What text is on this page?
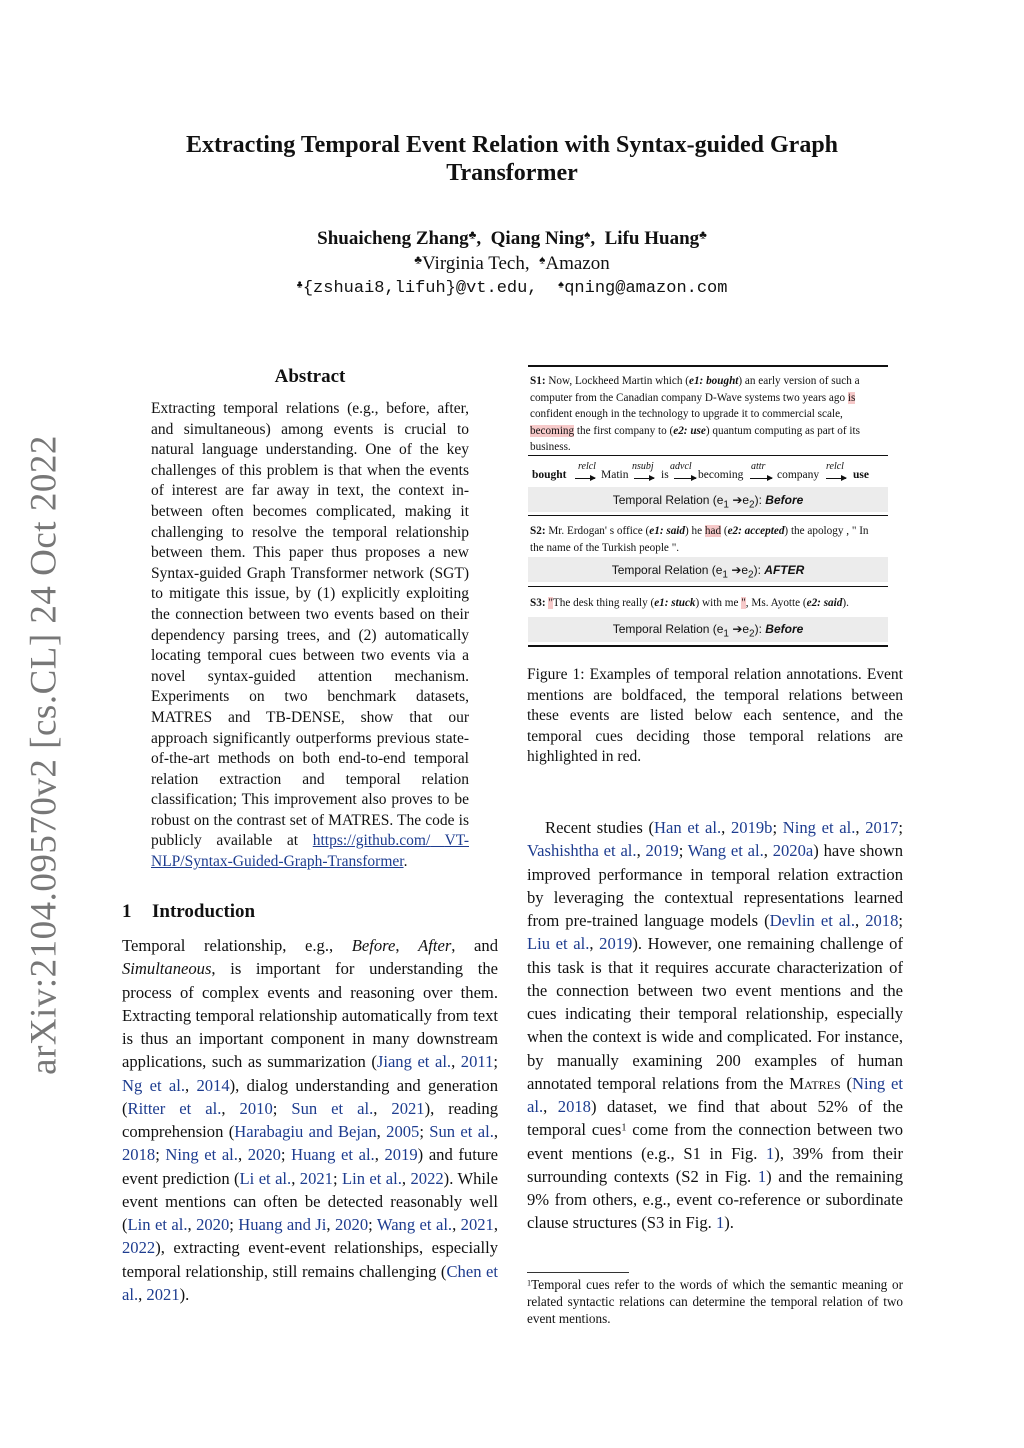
arXiv:2104.09570v2 [cs.CL] 24 Oct 2022
Extracting Temporal Event Relation with Syntax-guided Graph
Transformer
Shuaicheng Zhang♣,  Qiang Ning♠,  Lifu Huang♣
♣Virginia Tech, ♠Amazon
♣{zshuai8,lifuh}@vt.edu, ♠qning@amazon.com
Abstract
Extracting temporal relations (e.g., before, after, and simultaneous) among events is crucial to natural language understanding. One of the key challenges of this problem is that when the events of interest are far away in text, the context in-between often becomes complicated, making it challenging to resolve the temporal relationship between them. This paper thus proposes a new Syntax-guided Graph Transformer network (SGT) to mitigate this issue, by (1) explicitly exploiting the connection between two events based on their dependency parsing trees, and (2) automatically locating temporal cues between two events via a novel syntax-guided attention mechanism. Experiments on two benchmark datasets, MATRES and TB-DENSE, show that our approach significantly outperforms previous state-of-the-art methods on both end-to-end temporal relation extraction and temporal relation classification; This improvement also proves to be robust on the contrast set of MATRES. The code is publicly available at https://github.com/ VT-NLP/Syntax-Guided-Graph-Transformer.
1 Introduction
Temporal relationship, e.g., Before, After, and Simultaneous, is important for understanding the process of complex events and reasoning over them. Extracting temporal relationship automatically from text is thus an important component in many downstream applications, such as summarization (Jiang et al., 2011; Ng et al., 2014), dialog understanding and generation (Ritter et al., 2010; Sun et al., 2021), reading comprehension (Harabagiu and Bejan, 2005; Sun et al., 2018; Ning et al., 2020; Huang et al., 2019) and future event prediction (Li et al., 2021; Lin et al., 2022). While event mentions can often be detected reasonably well (Lin et al., 2020; Huang and Ji, 2020; Wang et al., 2021, 2022), extracting event-event relationships, especially temporal relationship, still remains challenging (Chen et al., 2021).
S1: Now, Lockheed Martin which (e1: bought) an early version of such a computer from the Canadian company D-Wave systems two years ago is confident enough in the technology to upgrade it to commercial scale, becoming the first company to (e2: use) quantum computing as part of its business.
bought
relcl
Matin
nsubj
is
advcl
becoming
attr
company
relcl
use
Temporal Relation ($e_1$ $➔e_2$): Before
S2: Mr. Erdogan' s office (e1: said) he had (e2: accepted) the apology , " In the name of the Turkish people ".
Temporal Relation ($e_1$ $➔e_2$): AFTER
S3: "The desk thing really (e1: stuck) with me ", Ms. Ayotte (e2: said).
Temporal Relation ($e_1$ $➔e_2$): Before
Figure 1: Examples of temporal relation annotations. Event mentions are boldfaced, the temporal relations between these events are listed below each sentence, and the temporal cues deciding those temporal relations are highlighted in red.
Recent studies (Han et al., 2019b; Ning et al., 2017; Vashishtha et al., 2019; Wang et al., 2020a) have shown improved performance in temporal relation extraction by leveraging the contextual representations learned from pre-trained language models (Devlin et al., 2018; Liu et al., 2019). However, one remaining challenge of this task is that it requires accurate characterization of the connection between two event mentions and the cues indicating their temporal relationship, especially when the context is wide and complicated. For instance, by manually examining 200 examples of human annotated temporal relations from the Matres (Ning et al., 2018) dataset, we find that about 52% of the temporal cues$^1$ come from the connection between two event mentions (e.g., S1 in Fig. 1), 39% from their surrounding contexts (S2 in Fig. 1) and the remaining 9% from others, e.g., event co-reference or subordinate clause structures (S3 in Fig. 1).
$^1$Temporal cues refer to the words of which the semantic meaning or related syntactic relations can determine the temporal relation of two event mentions.
